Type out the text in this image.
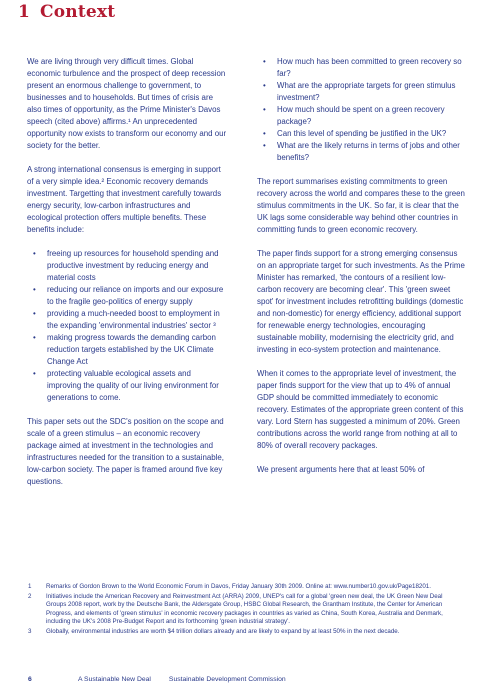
1 Context

We are living through very difficult times. Global economic turbulence and the prospect of deep recession present an enormous challenge to government, to businesses and to households. But times of crisis are also times of opportunity, as the Prime Minister's Davos speech (cited above) affirms.¹ An unprecedented opportunity now exists to transform our economy and our society for the better.

A strong international consensus is emerging in support of a very simple idea.² Economic recovery demands investment. Targetting that investment carefully towards energy security, low-carbon infrastructures and ecological protection offers multiple benefits. These benefits include:

• freeing up resources for household spending and productive investment by reducing energy and material costs
• reducing our reliance on imports and our exposure to the fragile geo-politics of energy supply
• providing a much-needed boost to employment in the expanding 'environmental industries' sector ³
• making progress towards the demanding carbon reduction targets established by the UK Climate Change Act
• protecting valuable ecological assets and improving the quality of our living environment for generations to come.

This paper sets out the SDC's position on the scope and scale of a green stimulus – an economic recovery package aimed at investment in the technologies and infrastructures needed for the transition to a sustainable, low-carbon society. The paper is framed around five key questions.

• How much has been committed to green recovery so far?
• What are the appropriate targets for green stimulus investment?
• How much should be spent on a green recovery package?
• Can this level of spending be justified in the UK?
• What are the likely returns in terms of jobs and other benefits?

The report summarises existing commitments to green recovery across the world and compares these to the green stimulus commitments in the UK. So far, it is clear that the UK lags some considerable way behind other countries in committing funds to green economic recovery.

The paper finds support for a strong emerging consensus on an appropriate target for such investments. As the Prime Minister has remarked, 'the contours of a resilient low-carbon recovery are becoming clear'. This 'green sweet spot' for investment includes retrofitting buildings (domestic and non-domestic) for energy efficiency, additional support for renewable energy technologies, encouraging sustainable mobility, modernising the electricity grid, and investing in eco-system protection and maintenance.

When it comes to the appropriate level of investment, the paper finds support for the view that up to 4% of annual GDP should be committed immediately to economic recovery. Estimates of the appropriate green content of this vary. Lord Stern has suggested a minimum of 20%. Green contributions across the world range from nothing at all to 80% of overall recovery packages.

We present arguments here that at least 50% of

1	Remarks of Gordon Brown to the World Economic Forum in Davos, Friday January 30th 2009. Online at: www.number10.gov.uk/Page18201.
2	Initiatives include the American Recovery and Reinvestment Act (ARRA) 2009, UNEP's call for a global 'green new deal, the UK Green New Deal Groups 2008 report, work by the Deutsche Bank, the Aldersgate Group, HSBC Global Research, the Grantham Institute, the Center for American Progress, and elements of 'green stimulus' in economic recovery packages in countries as varied as China, South Korea, Australia and Denmark, including the UK's 2008 Pre-Budget Report and its forthcoming 'green industrial strategy'.
3	Globally, environmental industries are worth $4 trillion dollars already and are likely to expand by at least 50% in the next decade.
6	A Sustainable New Deal	Sustainable Development Commission
